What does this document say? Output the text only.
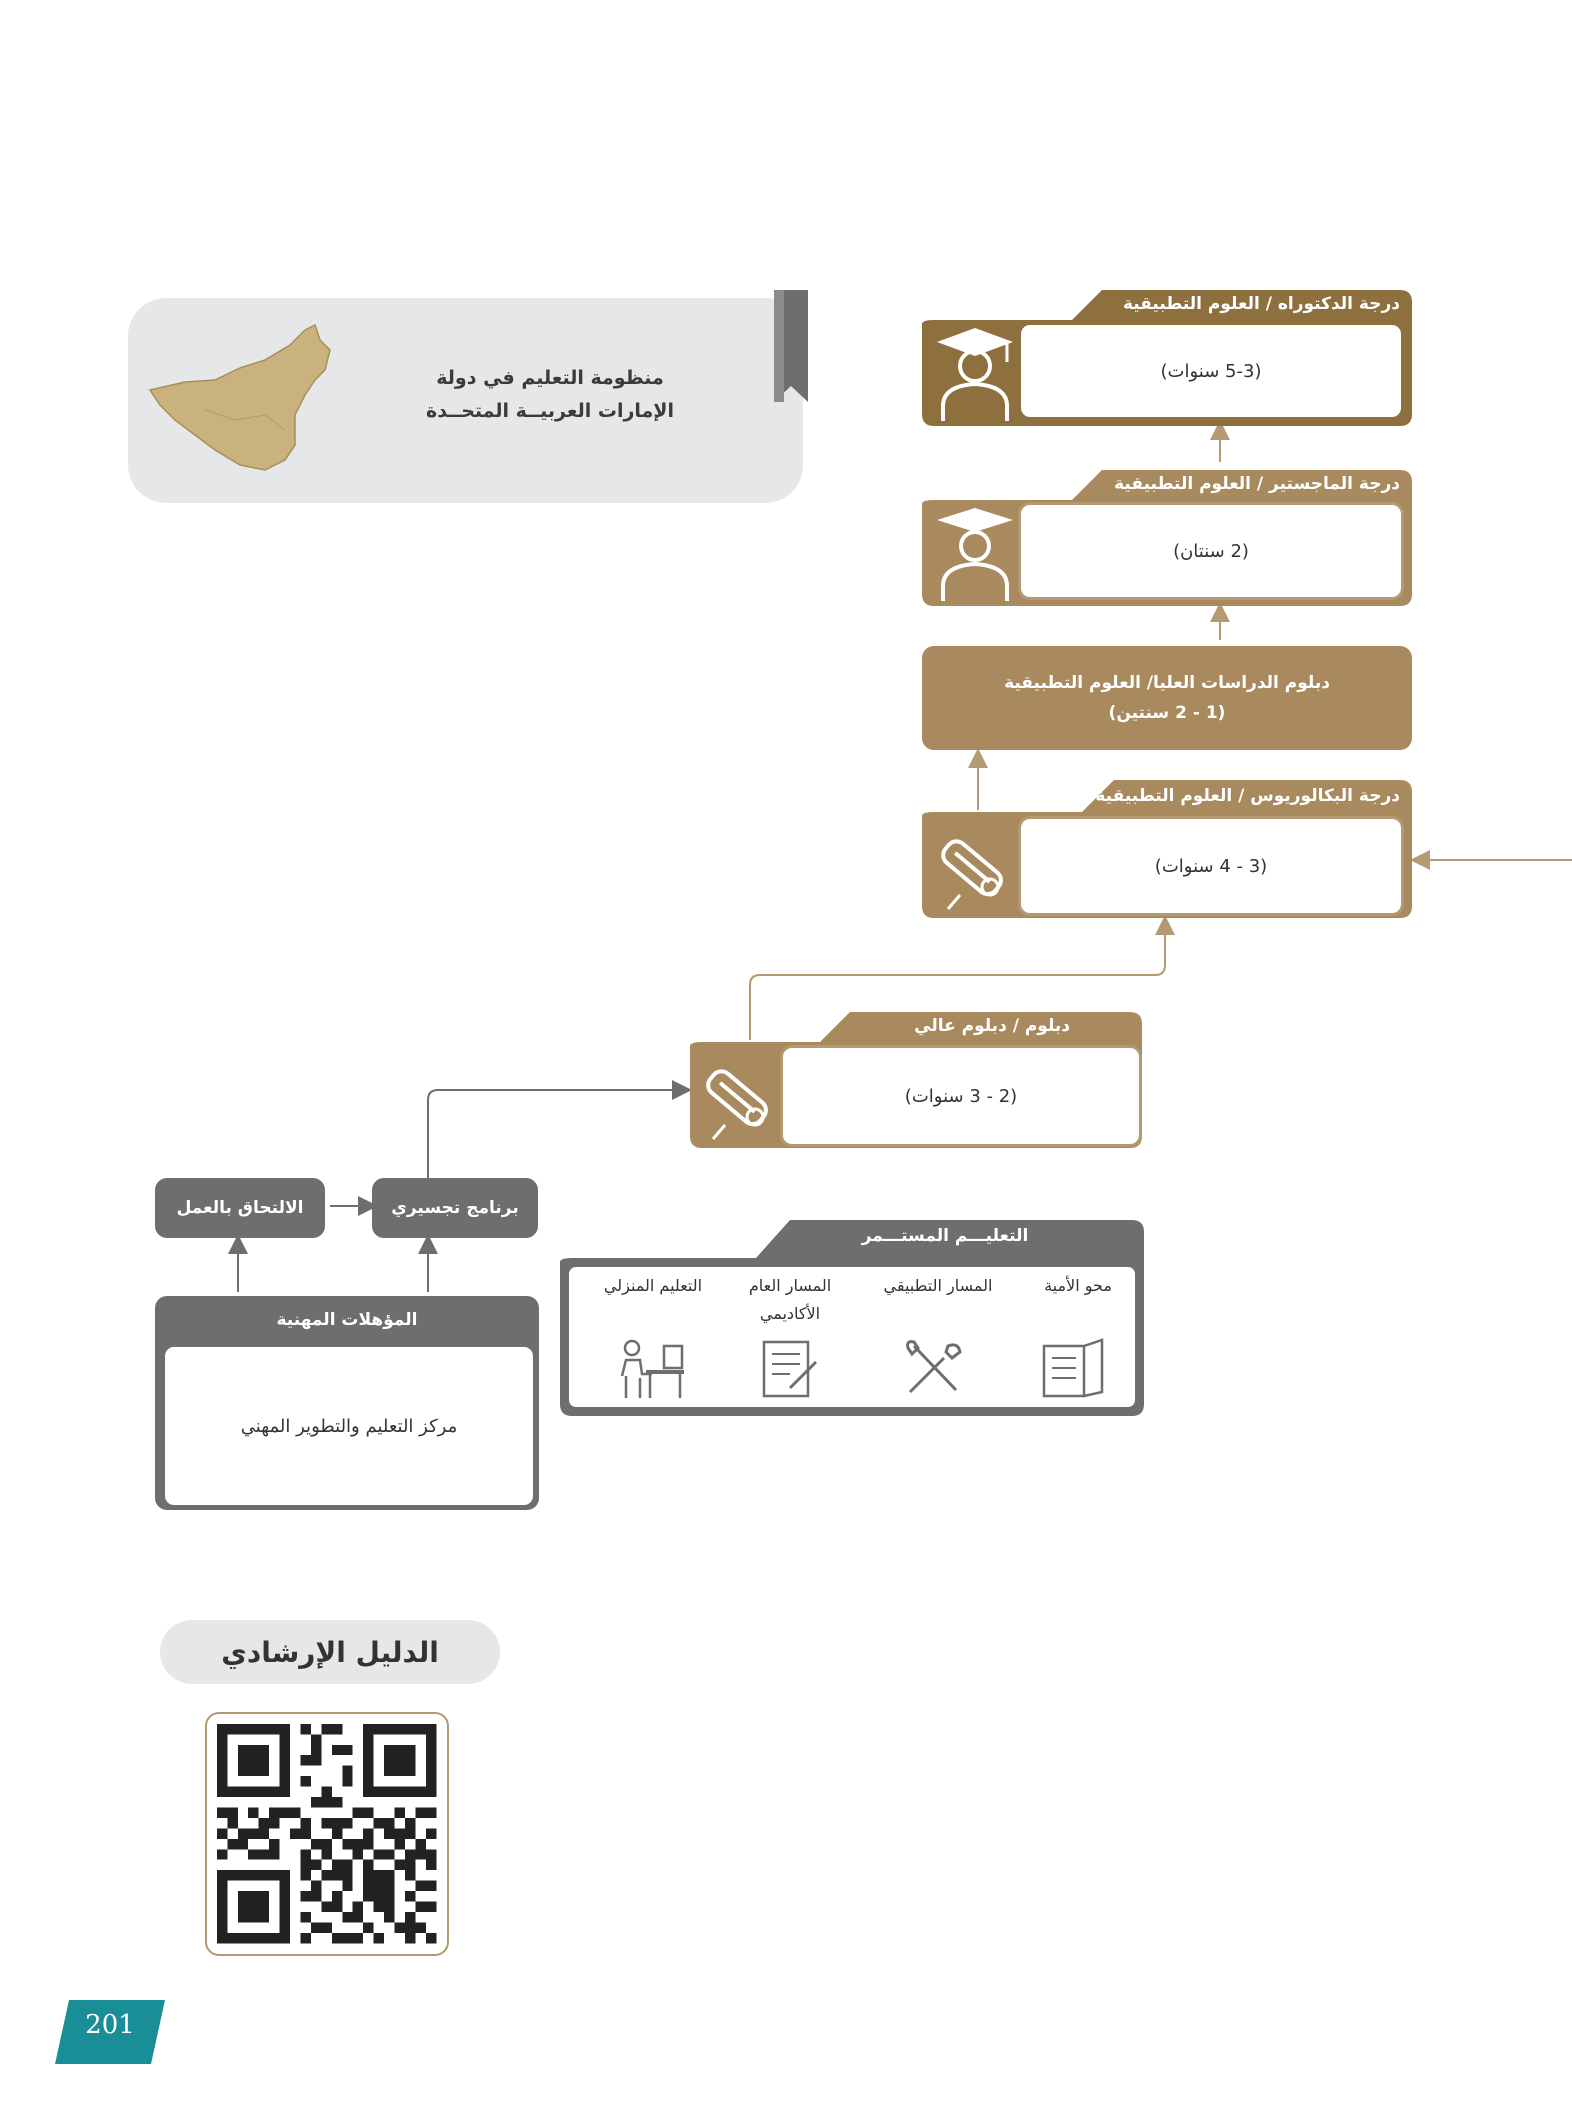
منظومة التعليم في دولة
الإمارات العربيــة المتحــدة
درجة الدكتوراه / العلوم التطبيقية
(5-3 سنوات)
درجة الماجستير / العلوم التطبيقية
(2 سنتان)
دبلوم الدراسات العليا/ العلوم التطبيقية
(1 - 2 سنتين)
درجة البكالوريوس / العلوم التطبيقية
(3 - 4 سنوات)
دبلوم / دبلوم عالي
(2 - 3 سنوات)
برنامج تجسيري
الالتحاق بالعمل
المؤهلات المهنية
مركز التعليم والتطوير المهني
التعليـــم المستـــمر
محو الأمية
المسار التطبيقي
المسار العام
الأكاديمي
التعليم المنزلي
الدليل الإرشادي
201
